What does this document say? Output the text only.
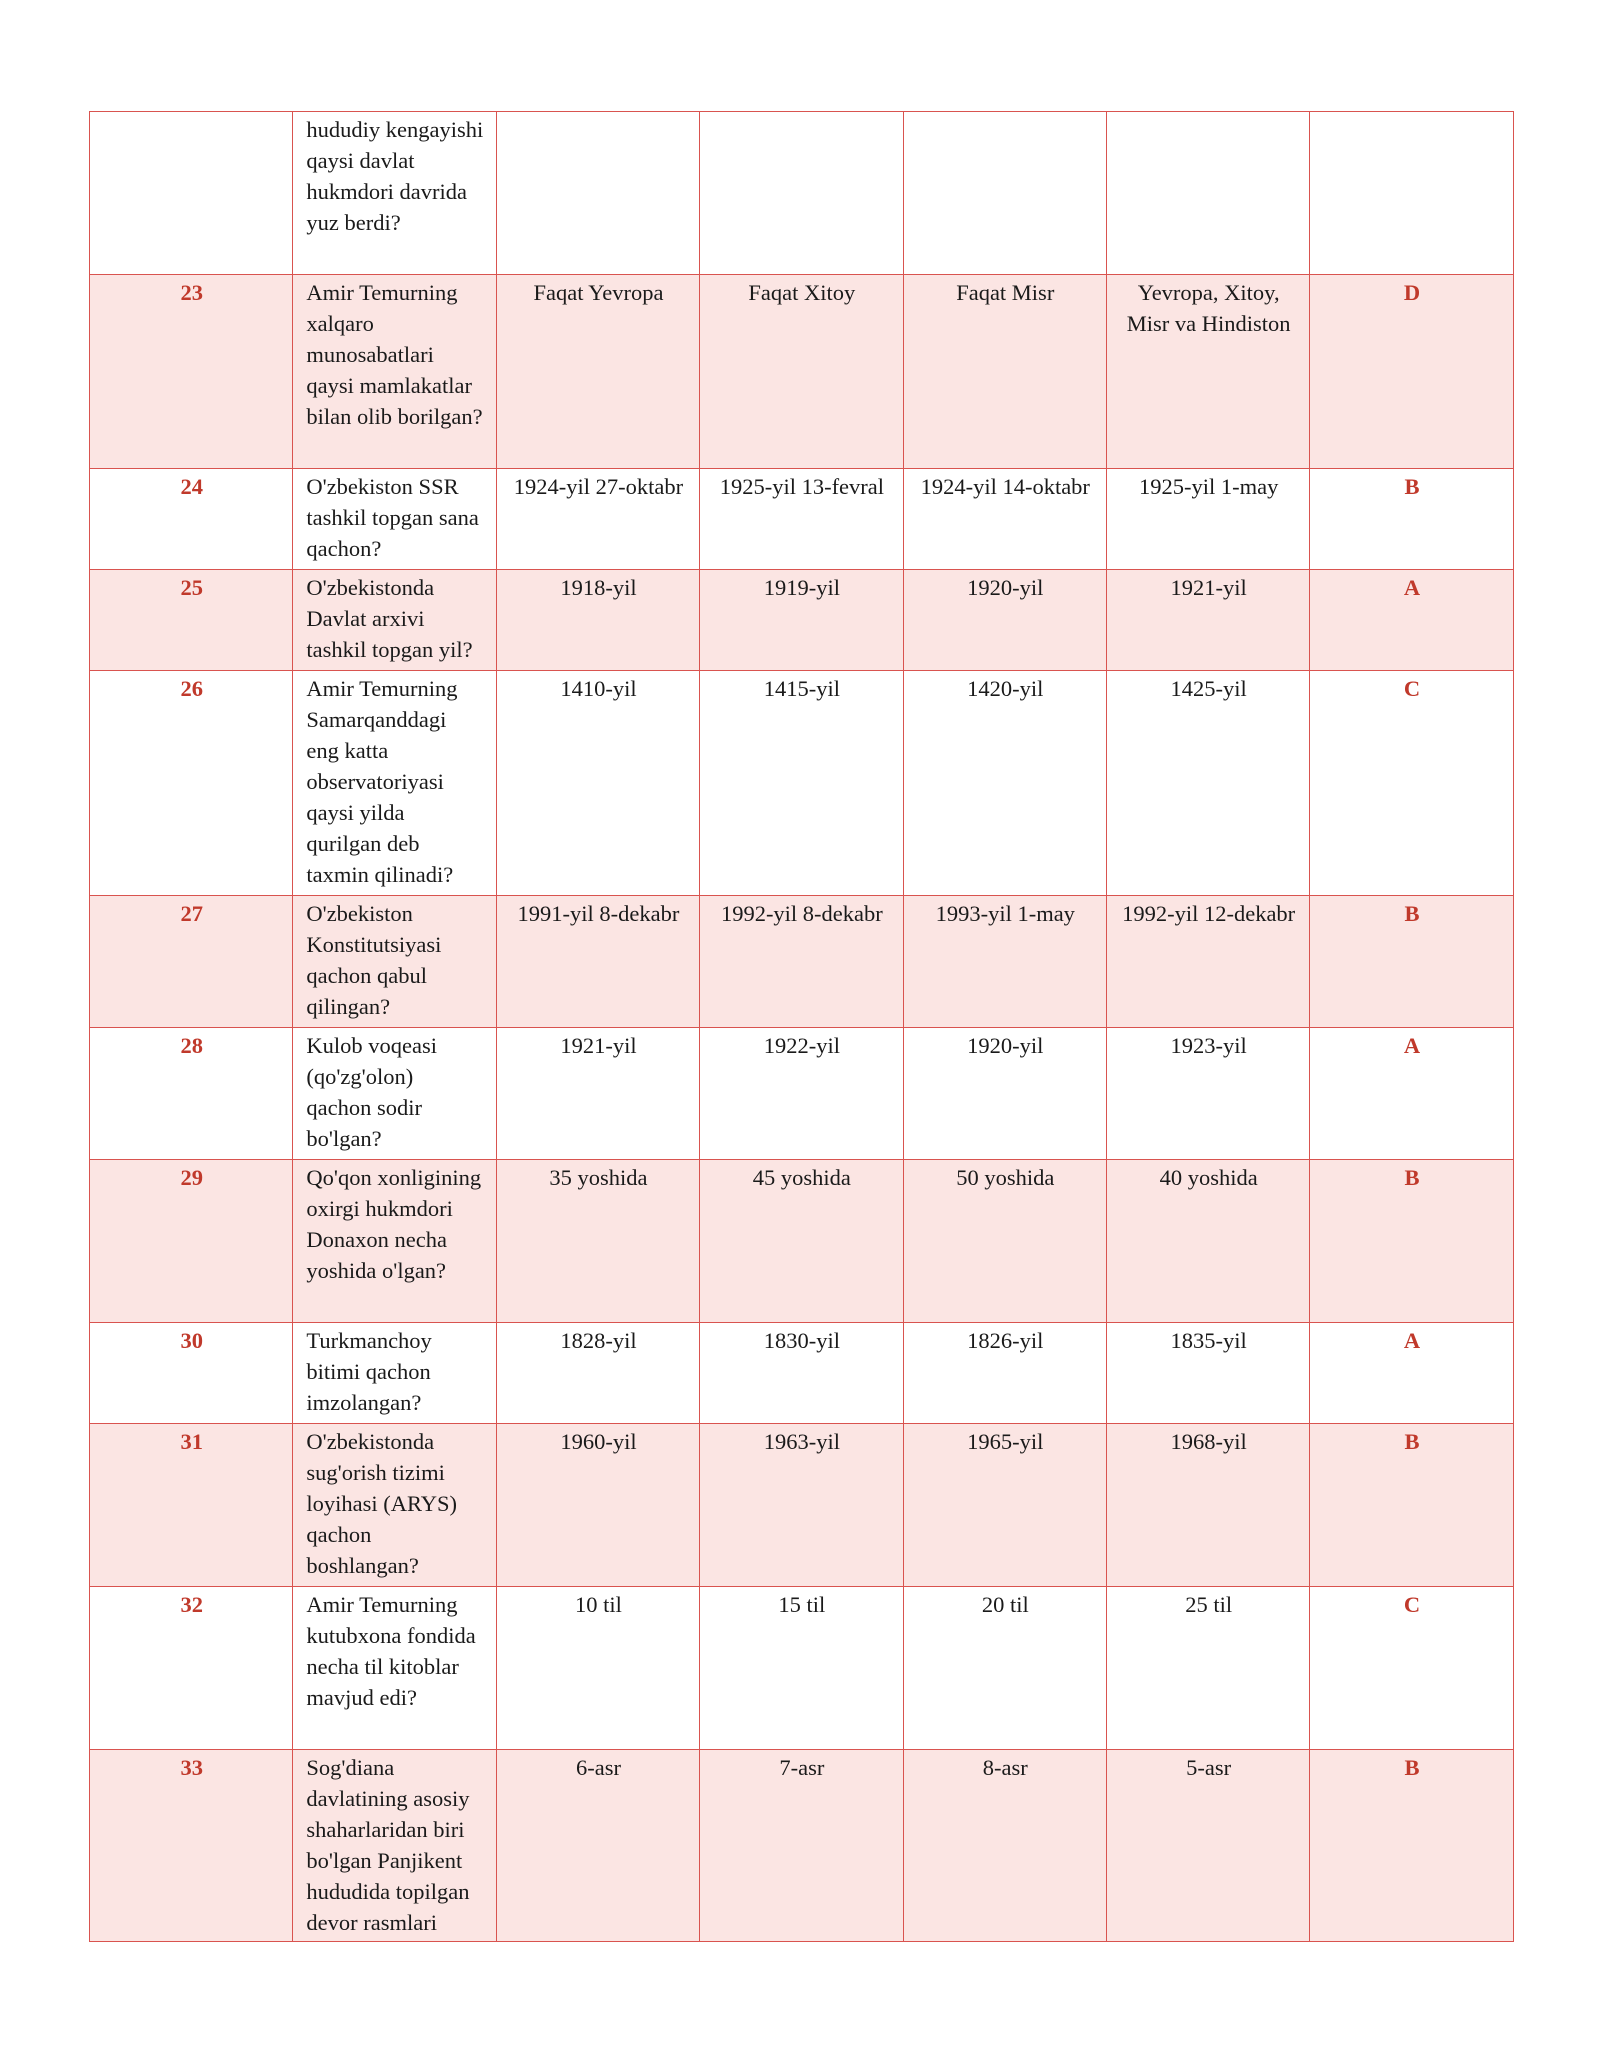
	hududiy kengayishi qaysi davlat hukmdori davrida yuz berdi?					
23	Amir Temurning xalqaro munosabatlari qaysi mamlakatlar bilan olib borilgan?	Faqat Yevropa	Faqat Xitoy	Faqat Misr	Yevropa, Xitoy, Misr va Hindiston	D
24	O'zbekiston SSR tashkil topgan sana qachon?	1924-yil 27-oktabr	1925-yil 13-fevral	1924-yil 14-oktabr	1925-yil 1-may	B
25	O'zbekistonda Davlat arxivi tashkil topgan yil?	1918-yil	1919-yil	1920-yil	1921-yil	A
26	Amir Temurning Samarqanddagi eng katta observatoriyasi qaysi yilda qurilgan deb taxmin qilinadi?	1410-yil	1415-yil	1420-yil	1425-yil	C
27	O'zbekiston Konstitutsiyasi qachon qabul qilingan?	1991-yil 8-dekabr	1992-yil 8-dekabr	1993-yil 1-may	1992-yil 12-dekabr	B
28	Kulob voqeasi (qo'zg'olon) qachon sodir bo'lgan?	1921-yil	1922-yil	1920-yil	1923-yil	A
29	Qo'qon xonligining oxirgi hukmdori Donaxon necha yoshida o'lgan?	35 yoshida	45 yoshida	50 yoshida	40 yoshida	B
30	Turkmanchoy bitimi qachon imzolangan?	1828-yil	1830-yil	1826-yil	1835-yil	A
31	O'zbekistonda sug'orish tizimi loyihasi (ARYS) qachon boshlangan?	1960-yil	1963-yil	1965-yil	1968-yil	B
32	Amir Temurning kutubxona fondida necha til kitoblar mavjud edi?	10 til	15 til	20 til	25 til	C
33	Sog'diana davlatining asosiy shaharlaridan biri bo'lgan Panjikent hududida topilgan devor rasmlari	6-asr	7-asr	8-asr	5-asr	B
